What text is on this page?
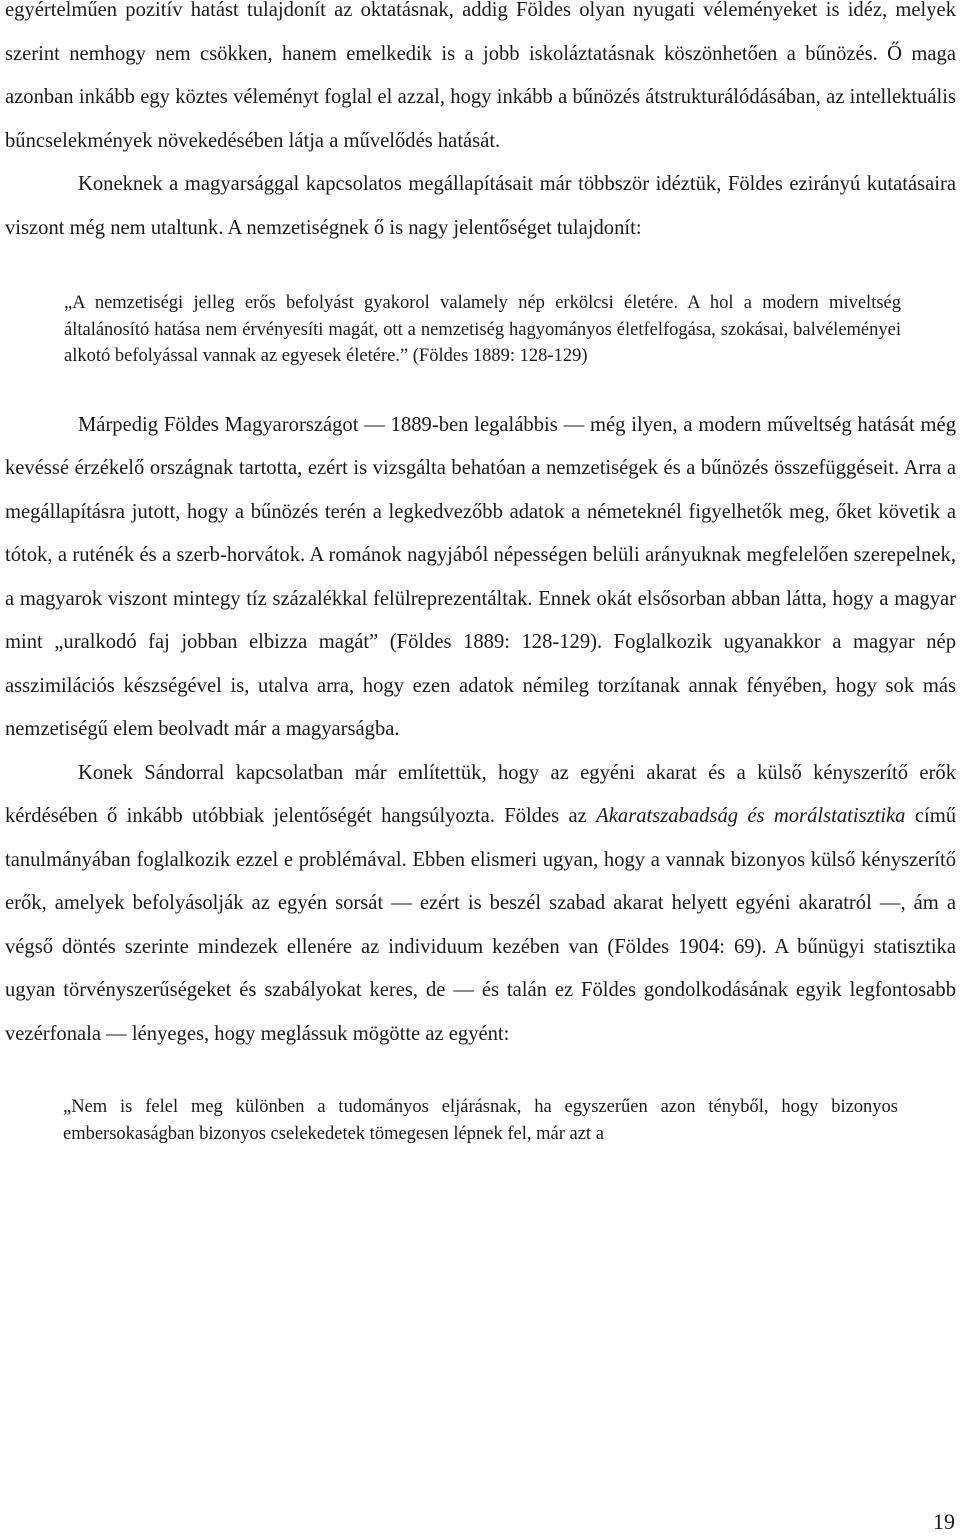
egyértelműen pozitív hatást tulajdonít az oktatásnak, addig Földes olyan nyugati véleményeket is idéz, melyek szerint nemhogy nem csökken, hanem emelkedik is a jobb iskoláztatásnak köszönhetően a bűnözés. Ő maga azonban inkább egy köztes véleményt foglal el azzal, hogy inkább a bűnözés átstrukturálódásában, az intellektuális bűncselekmények növekedésében látja a művelődés hatását.

Koneknek a magyarsággal kapcsolatos megállapításait már többször idéztük, Földes ezirányú kutatásaira viszont még nem utaltunk. A nemzetiségnek ő is nagy jelentőséget tulajdonít:

„A nemzetiségi jelleg erős befolyást gyakorol valamely nép erkölcsi életére. A hol a modern miveltség általánosító hatása nem érvényesíti magát, ott a nemzetiség hagyományos életfelfogása, szokásai, balvéleményei alkotó befolyással vannak az egyesek életére.” (Földes 1889: 128-129)

Márpedig Földes Magyarországot — 1889-ben legalábbis — még ilyen, a modern műveltség hatását még kevéssé érzékelő országnak tartotta, ezért is vizsgálta behatóan a nemzetiségek és a bűnözés összefüggéseit. Arra a megállapításra jutott, hogy a bűnözés terén a legkedvezőbb adatok a németeknél figyelhetők meg, őket követik a tótok, a ruténék és a szerb-horvátok. A románok nagyjából népességen belüli arányuknak megfelelően szerepelnek, a magyarok viszont mintegy tíz százalékkal felülreprezentáltak. Ennek okát elsősorban abban látta, hogy a magyar mint „uralkodó faj jobban elbizza magát” (Földes 1889: 128-129). Foglalkozik ugyanakkor a magyar nép asszimilációs készségével is, utalva arra, hogy ezen adatok némileg torzítanak annak fényében, hogy sok más nemzetiségű elem beolvadt már a magyarságba.

Konek Sándorral kapcsolatban már említettük, hogy az egyéni akarat és a külső kényszerítő erők kérdésében ő inkább utóbbiak jelentőségét hangsúlyozta. Földes az Akaratszabadság és morálstatisztika című tanulmányában foglalkozik ezzel e problémával. Ebben elismeri ugyan, hogy a vannak bizonyos külső kényszerítő erők, amelyek befolyásolják az egyén sorsát — ezért is beszél szabad akarat helyett egyéni akaratról —, ám a végső döntés szerinte mindezek ellenére az individuum kezében van (Földes 1904: 69). A bűnügyi statisztika ugyan törvényszerűségeket és szabályokat keres, de — és talán ez Földes gondolkodásának egyik legfontosabb vezérfonala — lényeges, hogy meglássuk mögötte az egyént:

„Nem is felel meg különben a tudományos eljárásnak, ha egyszerűen azon tényből, hogy bizonyos embersokaságban bizonyos cselekedetek tömegesen lépnek fel, már azt a

19
